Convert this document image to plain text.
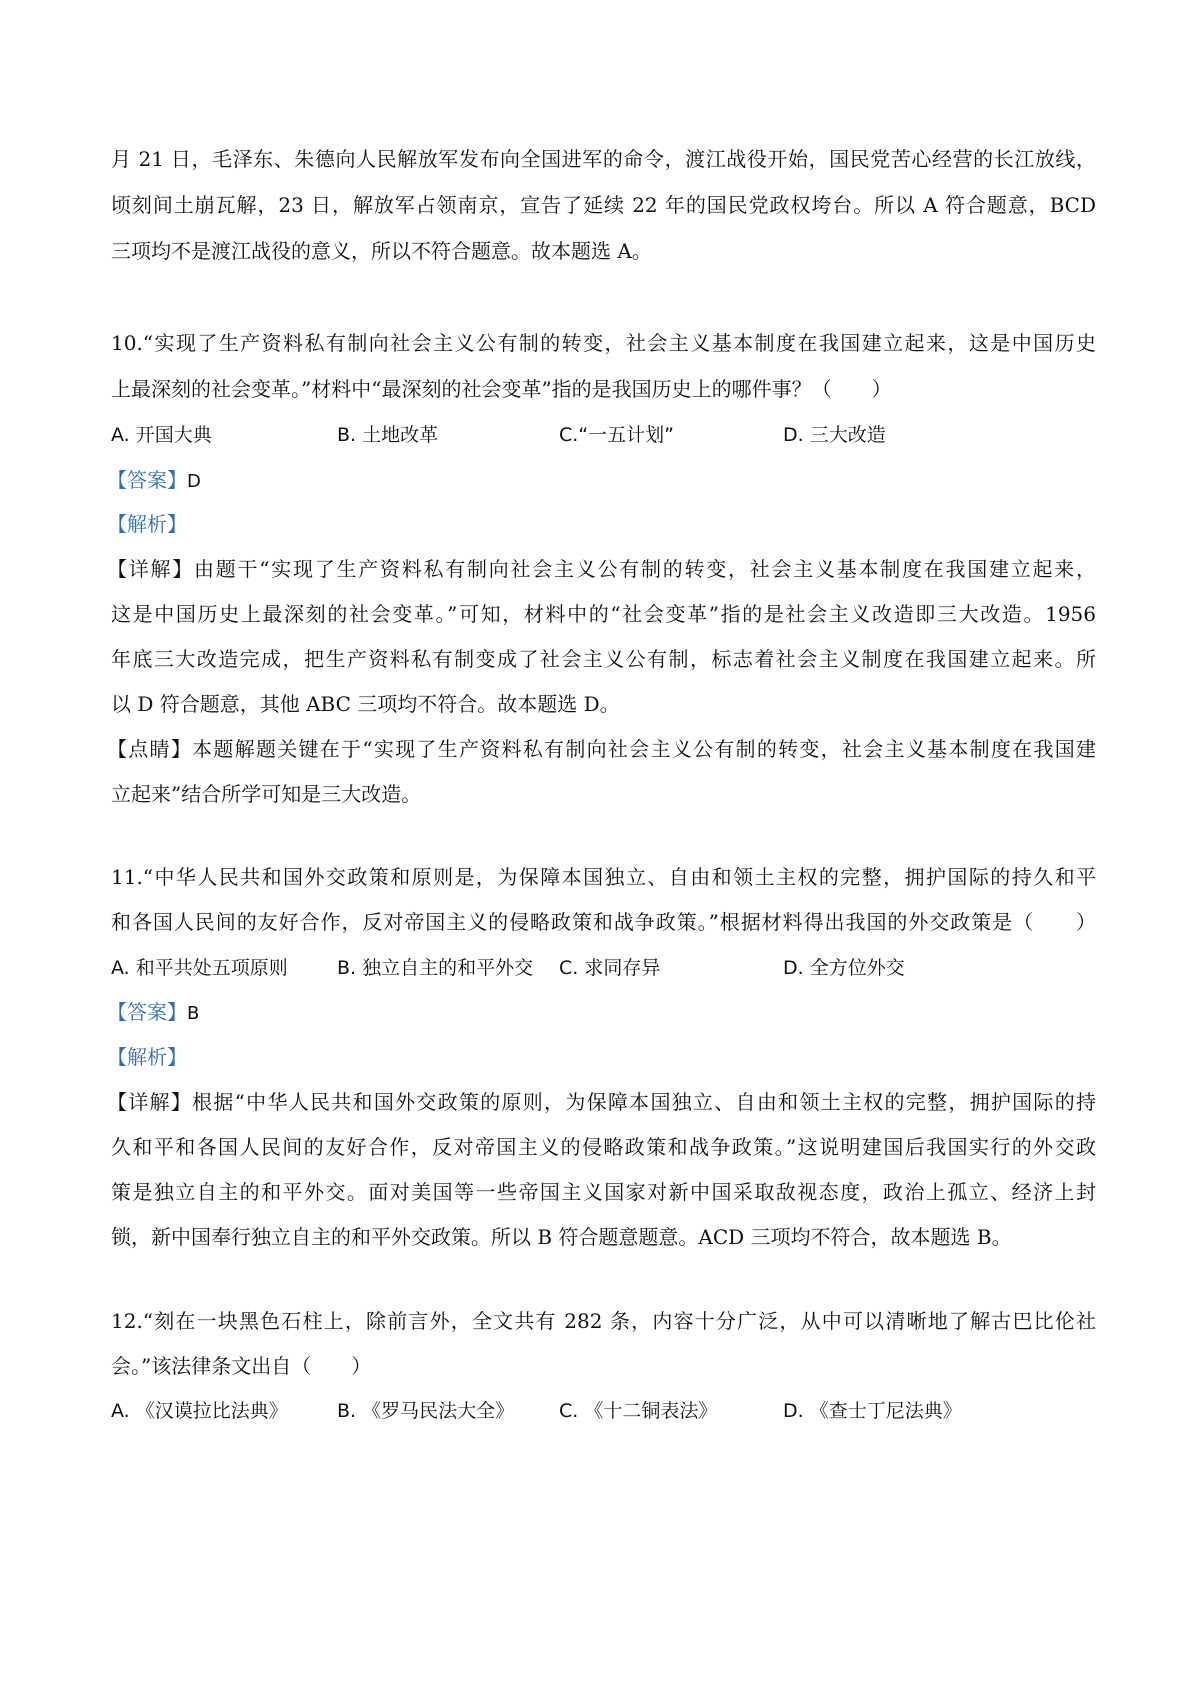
月 21 日，毛泽东、朱德向人民解放军发布向全国进军的命令，渡江战役开始，国民党苦心经营的长江放线，
顷刻间土崩瓦解，23 日，解放军占领南京，宣告了延续 22 年的国民党政权垮台。所以 A 符合题意，BCD
三项均不是渡江战役的意义，所以不符合题意。故本题选 A。
10.“实现了生产资料私有制向社会主义公有制的转变，社会主义基本制度在我国建立起来，这是中国历史
上最深刻的社会变革。”材料中“最深刻的社会变革”指的是我国历史上的哪件事？（　　）
A. 开国大典	B. 土地改革	C.“一五计划”	D. 三大改造
【答案】D
【解析】
【详解】由题干“实现了生产资料私有制向社会主义公有制的转变，社会主义基本制度在我国建立起来，
这是中国历史上最深刻的社会变革。”可知，材料中的“社会变革”指的是社会主义改造即三大改造。1956
年底三大改造完成，把生产资料私有制变成了社会主义公有制，标志着社会主义制度在我国建立起来。所
以 D 符合题意，其他 ABC 三项均不符合。故本题选 D。
【点睛】本题解题关键在于“实现了生产资料私有制向社会主义公有制的转变，社会主义基本制度在我国建
立起来”结合所学可知是三大改造。
11.“中华人民共和国外交政策和原则是，为保障本国独立、自由和领土主权的完整，拥护国际的持久和平
和各国人民间的友好合作，反对帝国主义的侵略政策和战争政策。”根据材料得出我国的外交政策是（　　）
A. 和平共处五项原则	B. 独立自主的和平外交 C. 求同存异	D. 全方位外交
【答案】B
【解析】
【详解】根据“中华人民共和国外交政策的原则，为保障本国独立、自由和领土主权的完整，拥护国际的持
久和平和各国人民间的友好合作，反对帝国主义的侵略政策和战争政策。”这说明建国后我国实行的外交政
策是独立自主的和平外交。面对美国等一些帝国主义国家对新中国采取敌视态度，政治上孤立、经济上封
锁，新中国奉行独立自主的和平外交政策。所以 B 符合题意题意。ACD 三项均不符合，故本题选 B。
12.“刻在一块黑色石柱上，除前言外，全文共有 282 条，内容十分广泛，从中可以清晰地了解古巴比伦社
会。”该法律条文出自（　　）
A. 《汉谟拉比法典》	B. 《罗马民法大全》 C. 《十二铜表法》	D. 《查士丁尼法典》
